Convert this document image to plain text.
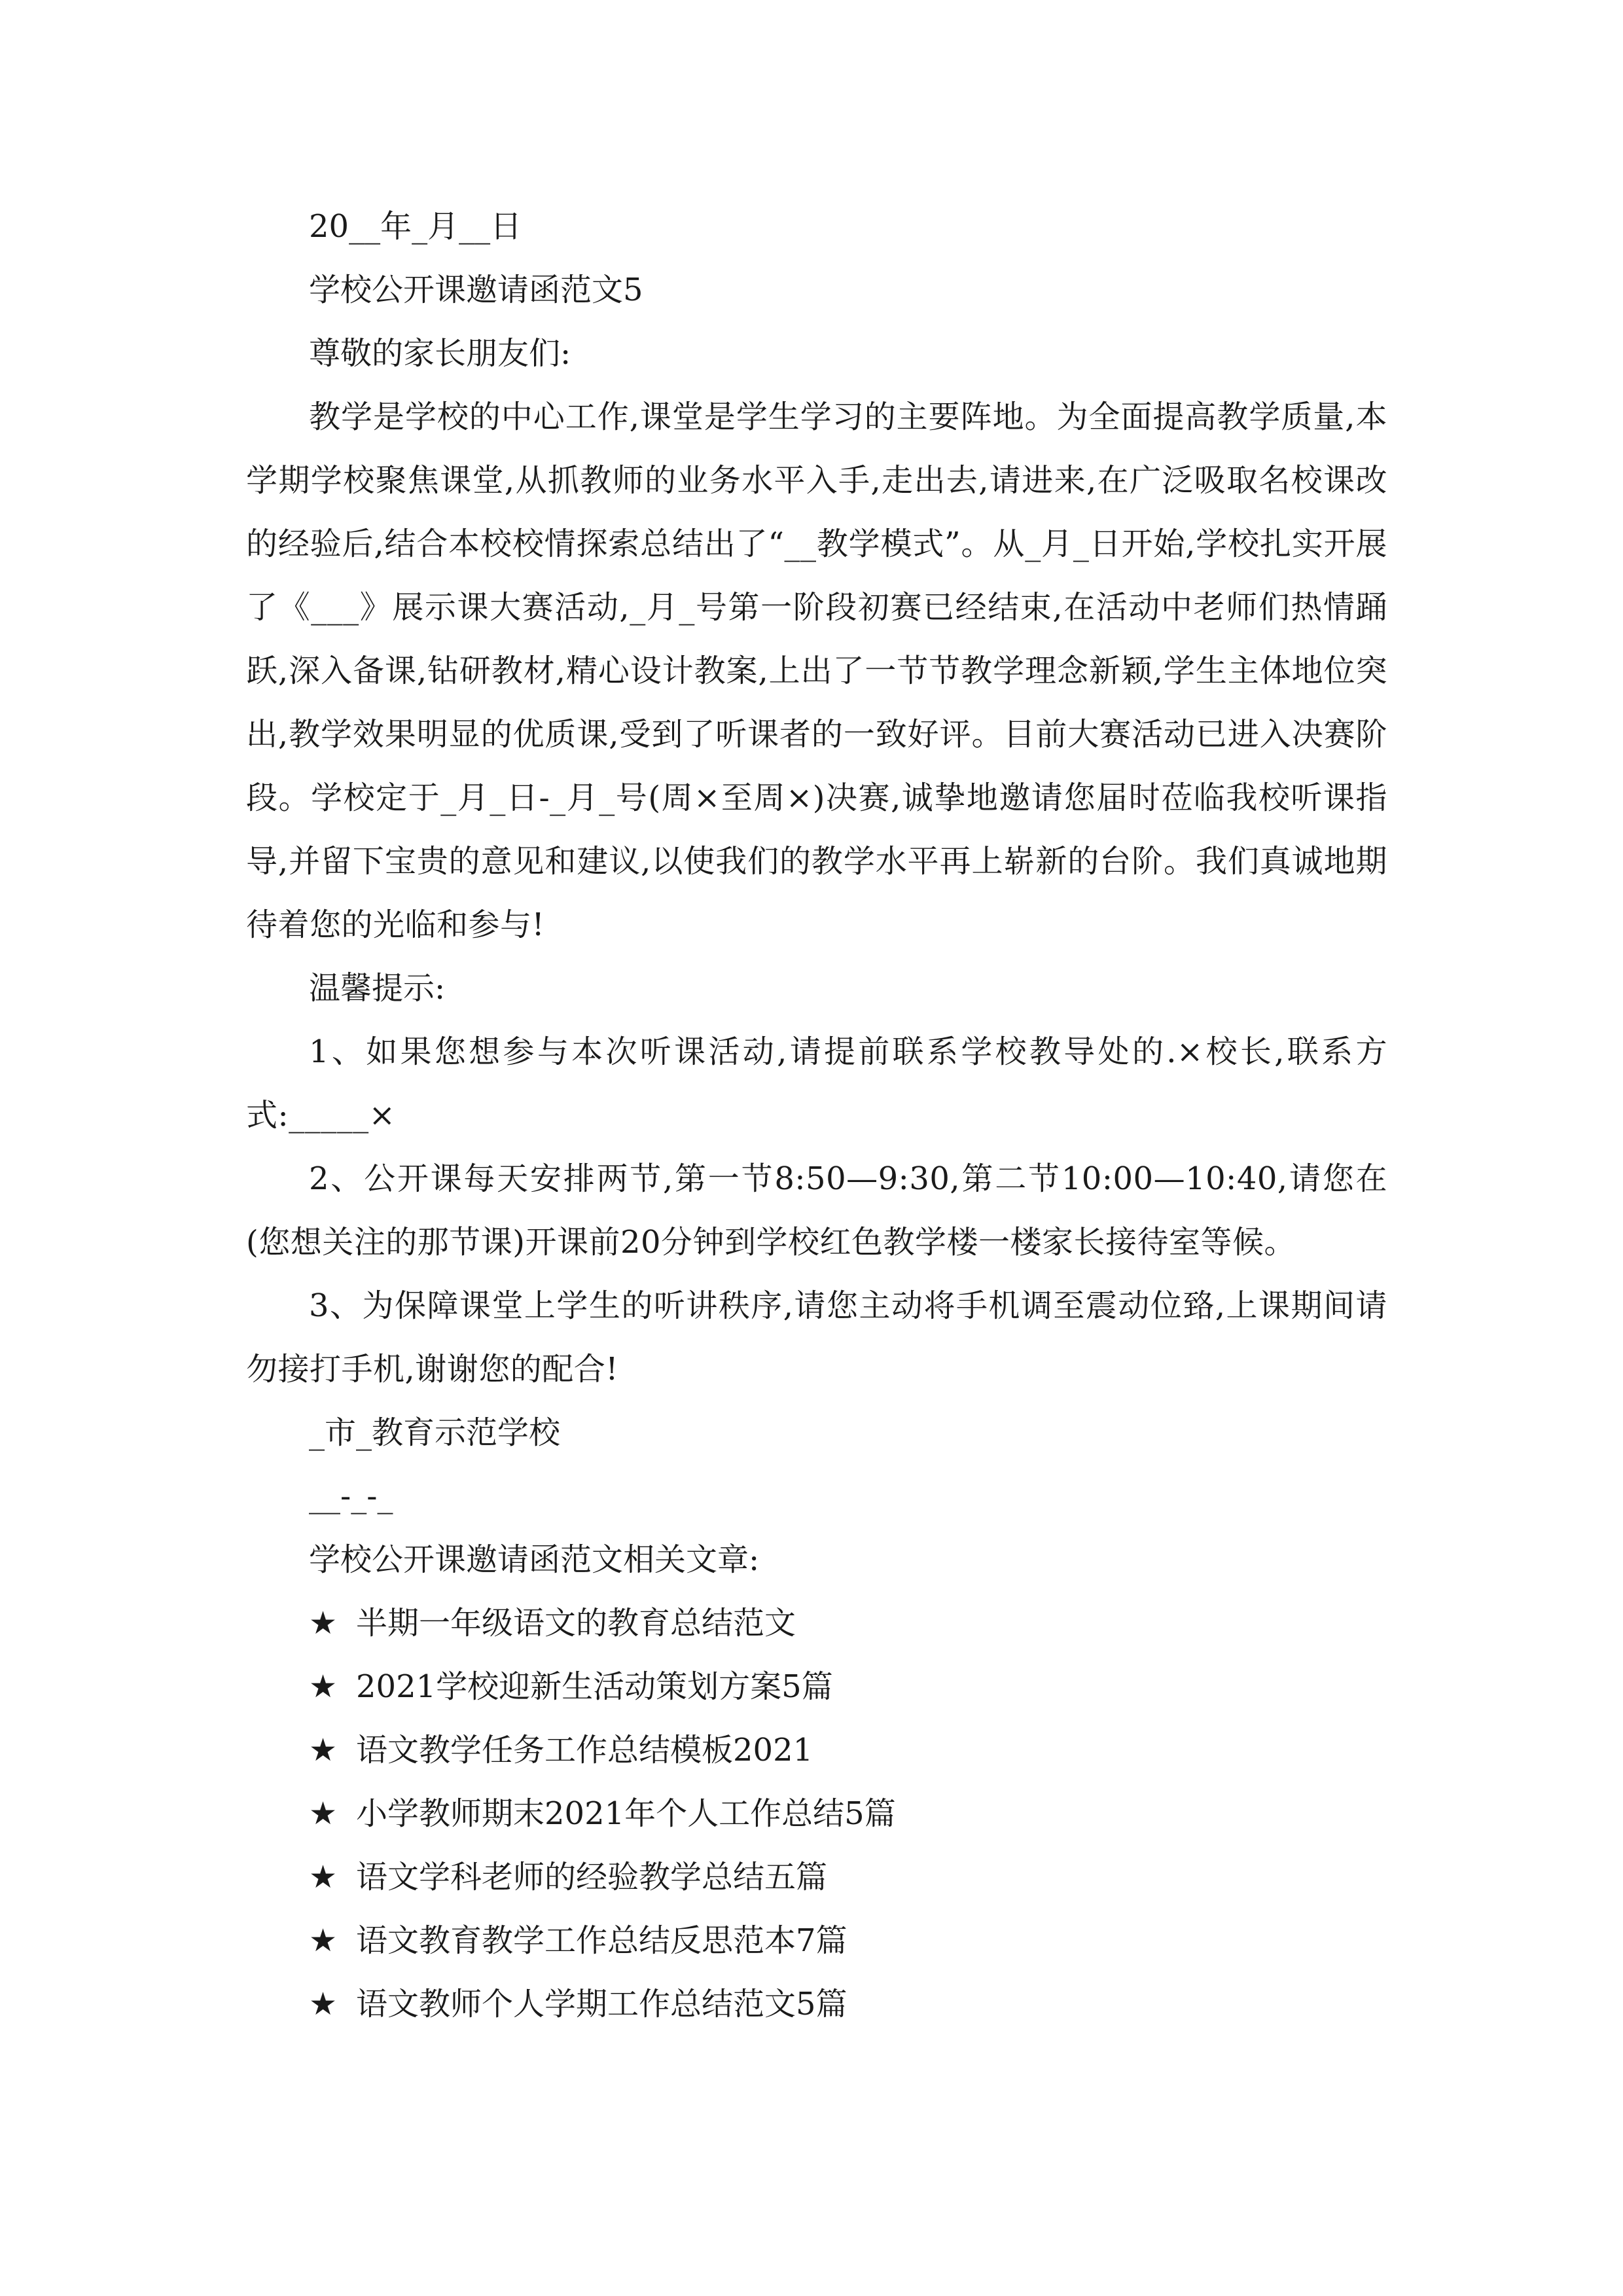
20__年_月__日

学校公开课邀请函范文5

尊敬的家长朋友们:

教学是学校的中心工作,课堂是学生学习的主要阵地。为全面提高教学质量,本学期学校聚焦课堂,从抓教师的业务水平入手,走出去,请进来,在广泛吸取名校课改的经验后,结合本校校情探索总结出了“__教学模式”。从_月_日开始,学校扎实开展了《___》展示课大赛活动,_月_号第一阶段初赛已经结束,在活动中老师们热情踊跃,深入备课,钻研教材,精心设计教案,上出了一节节教学理念新颖,学生主体地位突出,教学效果明显的优质课,受到了听课者的一致好评。目前大赛活动已进入决赛阶段。学校定于_月_日-_月_号(周×至周×)决赛,诚挚地邀请您届时莅临我校听课指导,并留下宝贵的意见和建议,以使我们的教学水平再上崭新的台阶。我们真诚地期待着您的光临和参与!

温馨提示:

1、如果您想参与本次听课活动,请提前联系学校教导处的.×校长,联系方式:_____×

2、公开课每天安排两节,第一节8:50—9:30,第二节10:00—10:40,请您在(您想关注的那节课)开课前20分钟到学校红色教学楼一楼家长接待室等候。

3、为保障课堂上学生的听讲秩序,请您主动将手机调至震动位臵,上课期间请勿接打手机,谢谢您的配合!

_市_教育示范学校

__-_-_

学校公开课邀请函范文相关文章:

★ 半期一年级语文的教育总结范文
★ 2021学校迎新生活动策划方案5篇
★ 语文教学任务工作总结模板2021
★ 小学教师期末2021年个人工作总结5篇
★ 语文学科老师的经验教学总结五篇
★ 语文教育教学工作总结反思范本7篇
★ 语文教师个人学期工作总结范文5篇
